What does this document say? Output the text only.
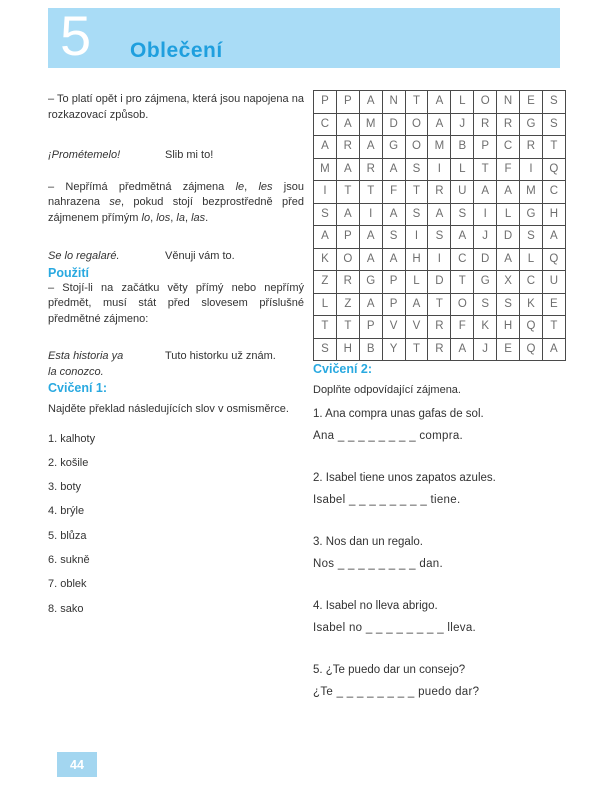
5 Oblečení

– To platí opět i pro zájmena, která jsou napojena na rozkazovací způsob.

¡Prométemelo!	Slib mi to!

– Nepřímá předmětná zájmena le, les jsou nahrazena se, pokud stojí bezprostředně před zájmenem přímým lo, los, la, las.

Se lo regalaré.	Věnuji vám to.
Použití

– Stojí-li na začátku věty přímý nebo nepřímý předmět, musí stát před slovesem příslušné předmětné zájmeno:

Esta historia ya
la conozco.
Tuto historku už znám.
Cvičení 1:

Najděte překlad následujících slov v osmisměrce.

1. kalhoty
2. košile
3. boty
4. brýle
5. blůza
6. sukně
7. oblek
8. sako
P	P	A	N	T	A	L	O	N	E	S
C	A	M	D	O	A	J	R	R	G	S
A	R	A	G	O	M	B	P	C	R	T
M	A	R	A	S	I	L	T	F	I	Q
I	T	T	F	T	R	U	A	A	M	C
S	A	I	A	S	A	S	I	L	G	H
A	P	A	S	I	S	A	J	D	S	A
K	O	A	A	H	I	C	D	A	L	Q
Z	R	G	P	L	D	T	G	X	C	U
L	Z	A	P	A	T	O	S	S	K	E
T	T	P	V	V	R	F	K	H	Q	T
S	H	B	Y	T	R	A	J	E	Q	A
Cvičení 2:

Doplňte odpovídající zájmena.

1. Ana compra unas gafas de sol.

Ana _ _ _ _ _ _ _ _ compra.

2. Isabel tiene unos zapatos azules.

Isabel _ _ _ _ _ _ _ _ tiene.

3. Nos dan un regalo.

Nos _ _ _ _ _ _ _ _ dan.

4. Isabel no lleva abrigo.

Isabel no _ _ _ _ _ _ _ _ lleva.

5. ¿Te puedo dar un consejo?

¿Te _ _ _ _ _ _ _ _ puedo dar?

44
